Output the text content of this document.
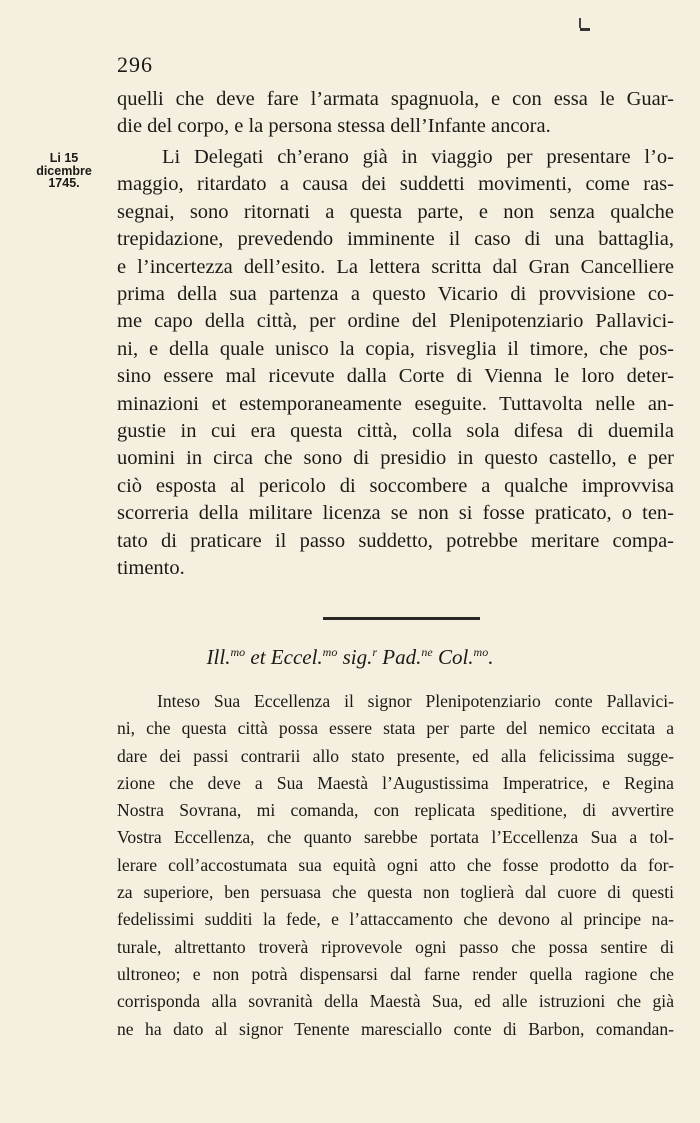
296
Li 15
dicembre
1745.

quelli che deve fare l’armata spagnuola, e con essa le Guar-
die del corpo, e la persona stessa dell’Infante ancora.

Li Delegati ch’erano già in viaggio per presentare l’o-
maggio, ritardato a causa dei suddetti movimenti, come ras-
segnai, sono ritornati a questa parte, e non senza qualche
trepidazione, prevedendo imminente il caso di una battaglia,
e l’incertezza dell’esito. La lettera scritta dal Gran Cancelliere
prima della sua partenza a questo Vicario di provvisione co-
me capo della città, per ordine del Plenipotenziario Pallavici-
ni, e della quale unisco la copia, risveglia il timore, che pos-
sino essere mal ricevute dalla Corte di Vienna le loro deter-
minazioni et estemporaneamente eseguite. Tuttavolta nelle an-
gustie in cui era questa città, colla sola difesa di duemila
uomini in circa che sono di presidio in questo castello, e per
ciò esposta al pericolo di soccombere a qualche improvvisa
scorreria della militare licenza se non si fosse praticato, o ten-
tato di praticare il passo suddetto, potrebbe meritare compa-
timento.

Ill.$^{mo}$ et Eccel.$^{mo}$ sig.$^r$ Pad.$^{ne}$ Col.$^{mo}$.

Inteso Sua Eccellenza il signor Plenipotenziario conte Pallavici-
ni, che questa città possa essere stata per parte del nemico eccitata a
dare dei passi contrarii allo stato presente, ed alla felicissima sugge-
zione che deve a Sua Maestà l’Augustissima Imperatrice, e Regina
Nostra Sovrana, mi comanda, con replicata speditione, di avvertire
Vostra Eccellenza, che quanto sarebbe portata l’Eccellenza Sua a tol-
lerare coll’accostumata sua equità ogni atto che fosse prodotto da for-
za superiore, ben persuasa che questa non toglierà dal cuore di questi
fedelissimi sudditi la fede, e l’attaccamento che devono al principe na-
turale, altrettanto troverà riprovevole ogni passo che possa sentire di
ultroneo; e non potrà dispensarsi dal farne render quella ragione che
corrisponda alla sovranità della Maestà Sua, ed alle istruzioni che già
ne ha dato al signor Tenente maresciallo conte di Barbon, comandan-
